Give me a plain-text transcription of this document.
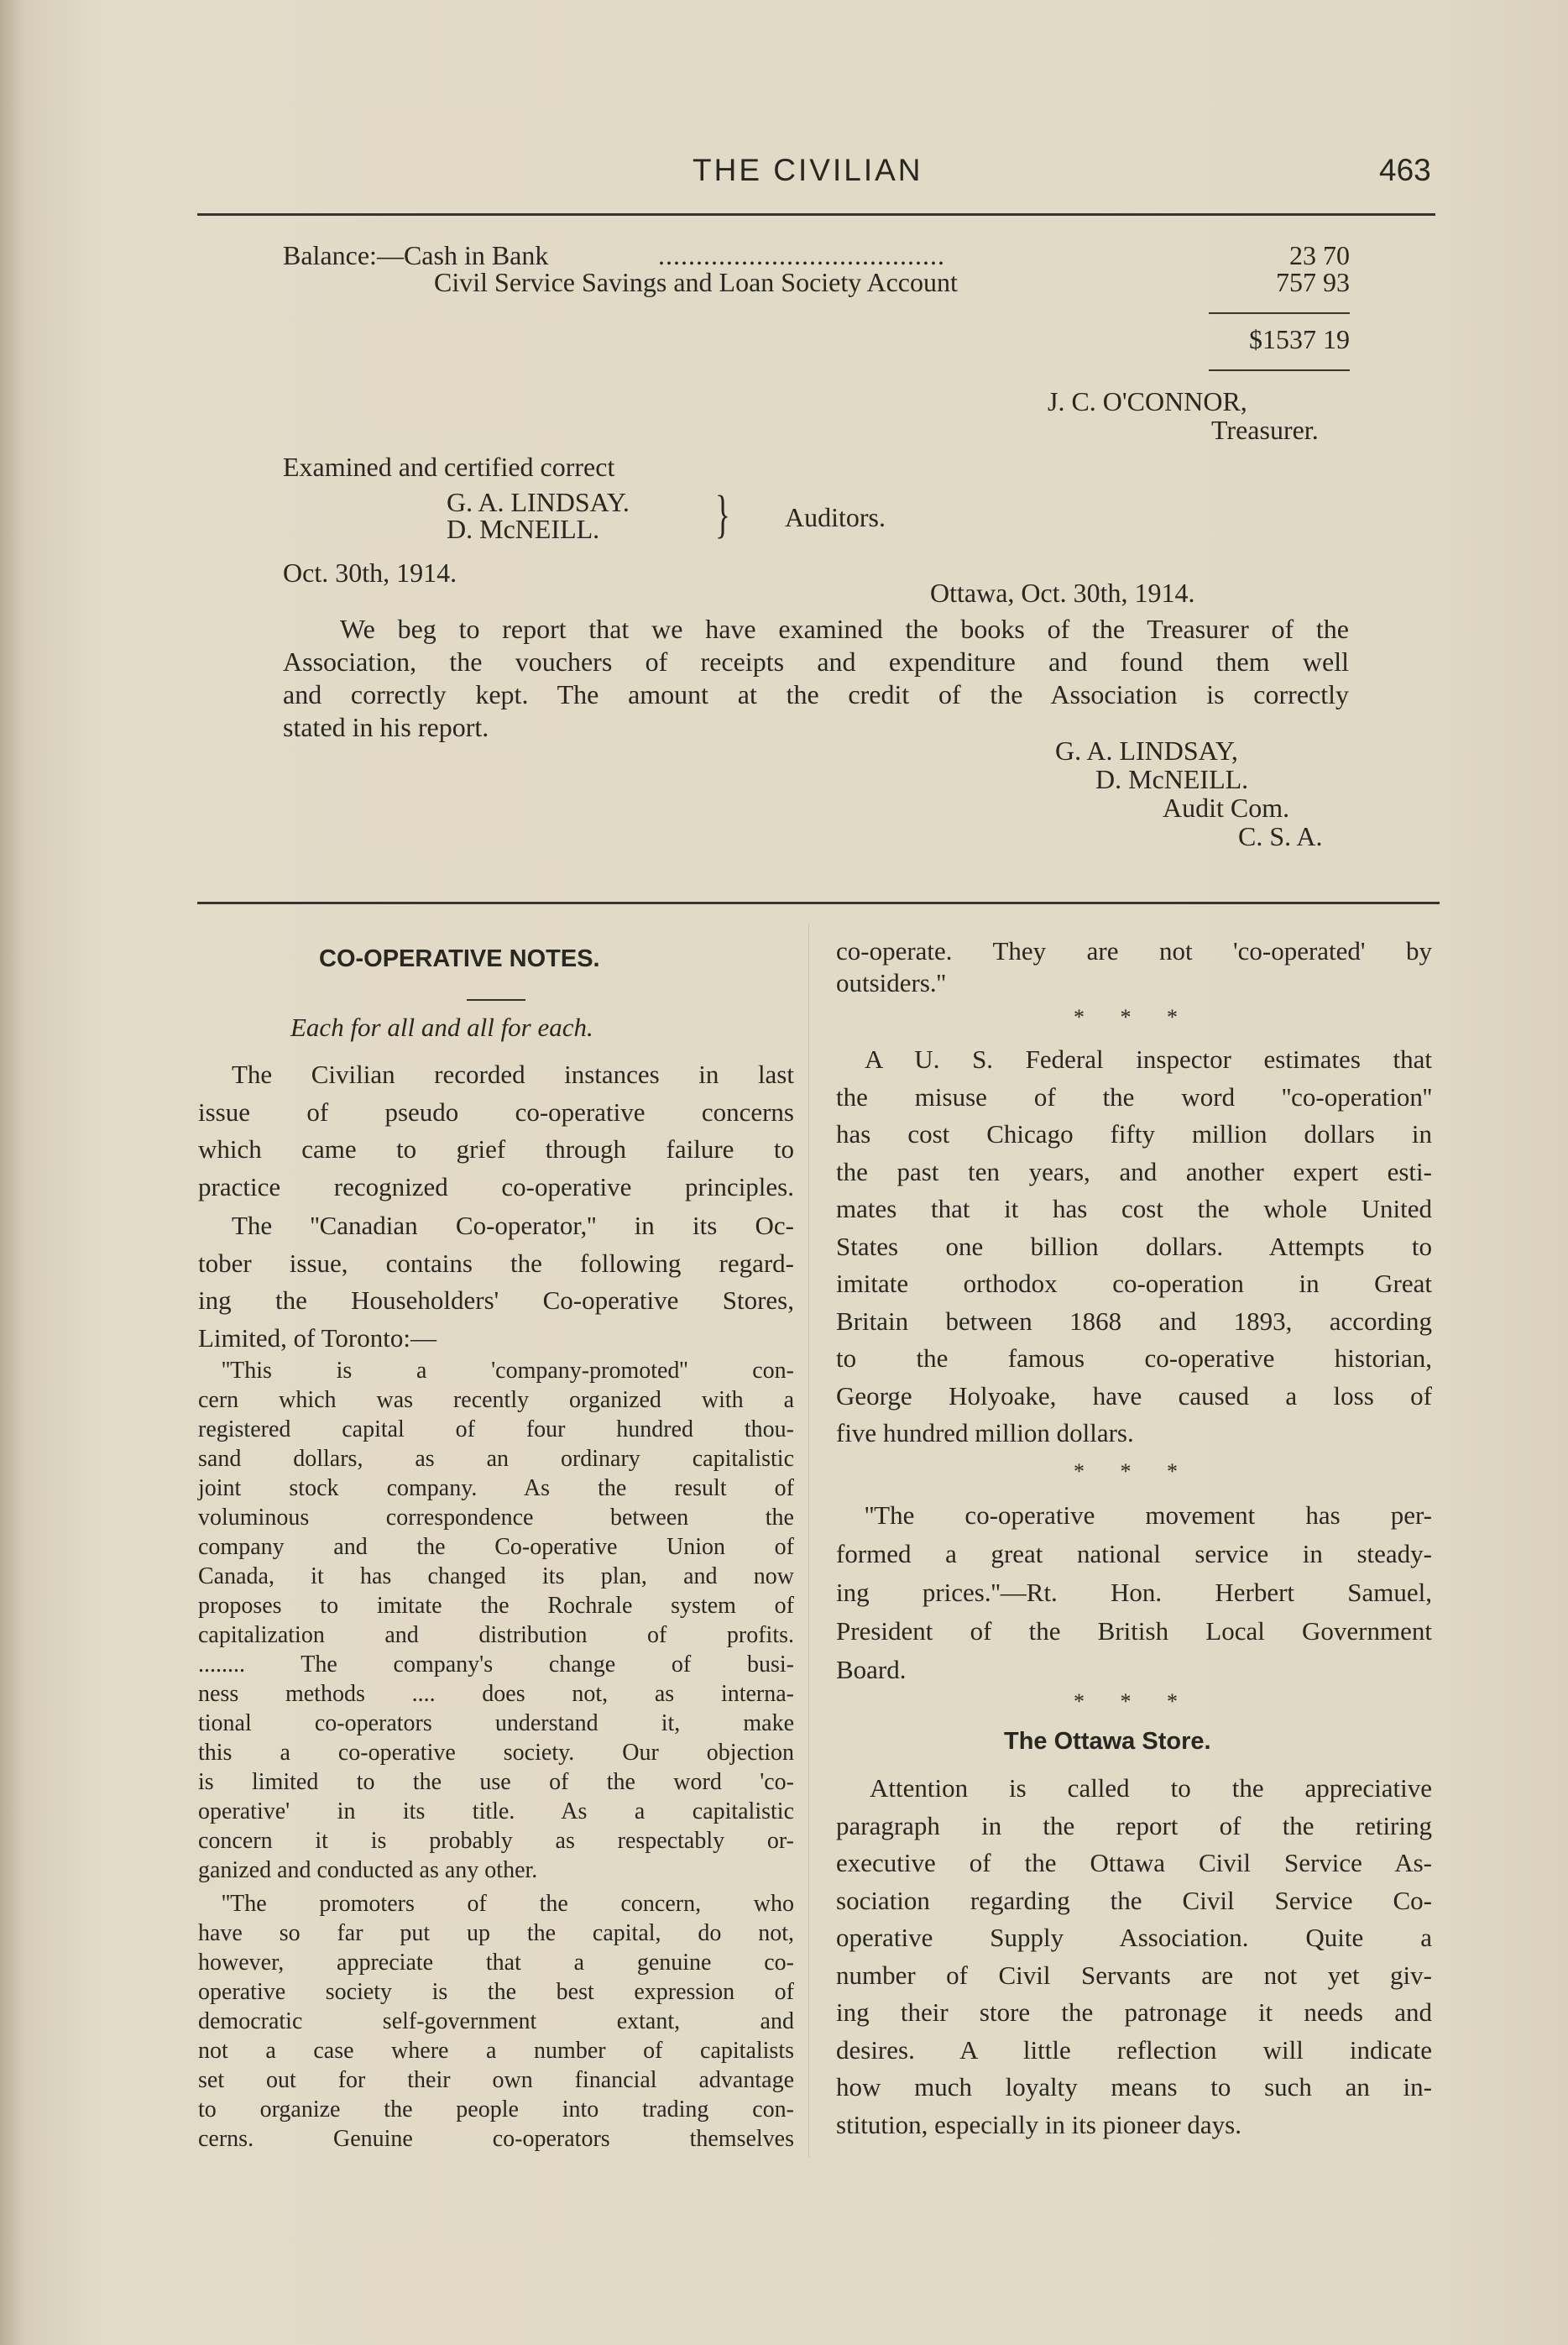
THE CIVILIAN	463
Balance:—Cash in Bank	......................................	23 70
Civil Service Savings and Loan Society Account	757 93
$1537 19
J. C. O'CONNOR,
Treasurer.
Examined and certified correct
G. A. LINDSAY.
D. McNEILL. } Auditors.
Oct. 30th, 1914.
Ottawa, Oct. 30th, 1914.
We beg to report that we have examined the books of the Treasurer of the
Association, the vouchers of receipts and expenditure and found them well
and correctly kept. The amount at the credit of the Association is correctly
stated in his report.
G. A. LINDSAY,
D. McNEILL.
Audit Com.
C. S. A.
CO-OPERATIVE NOTES.
Each for all and all for each.
The Civilian recorded instances in last
issue of pseudo co-operative concerns
which came to grief through failure to
practice recognized co-operative principles.
The ''Canadian Co-operator,'' in its Oc-
tober issue, contains the following regard-
ing the Householders' Co-operative Stores,
Limited, of Toronto:—
''This is a 'company-promoted'' con-
cern which was recently organized with a
registered capital of four hundred thou-
sand dollars, as an ordinary capitalistic
joint stock company. As the result of
voluminous correspondence between the
company and the Co-operative Union of
Canada, it has changed its plan, and now
proposes to imitate the Rochrale system of
capitalization and distribution of profits.
........ The company's change of busi-
ness methods .... does not, as interna-
tional co-operators understand it, make
this a co-operative society. Our objection
is limited to the use of the word 'co-
operative' in its title. As a capitalistic
concern it is probably as respectably or-
ganized and conducted as any other.
''The promoters of the concern, who
have so far put up the capital, do not,
however, appreciate that a genuine co-
operative society is the best expression of
democratic self-government extant, and
not a case where a number of capitalists
set out for their own financial advantage
to organize the people into trading con-
cerns. Genuine co-operators themselves
co-operate. They are not 'co-operated' by
outsiders.''
* * *
A U. S. Federal inspector estimates that
the misuse of the word ''co-operation''
has cost Chicago fifty million dollars in
the past ten years, and another expert esti-
mates that it has cost the whole United
States one billion dollars. Attempts to
imitate orthodox co-operation in Great
Britain between 1868 and 1893, according
to the famous co-operative historian,
George Holyoake, have caused a loss of
five hundred million dollars.
* * *
''The co-operative movement has per-
formed a great national service in steady-
ing prices.''—Rt. Hon. Herbert Samuel,
President of the British Local Government
Board.
* * *
The Ottawa Store.
Attention is called to the appreciative
paragraph in the report of the retiring
executive of the Ottawa Civil Service As-
sociation regarding the Civil Service Co-
operative Supply Association. Quite a
number of Civil Servants are not yet giv-
ing their store the patronage it needs and
desires. A little reflection will indicate
how much loyalty means to such an in-
stitution, especially in its pioneer days.
